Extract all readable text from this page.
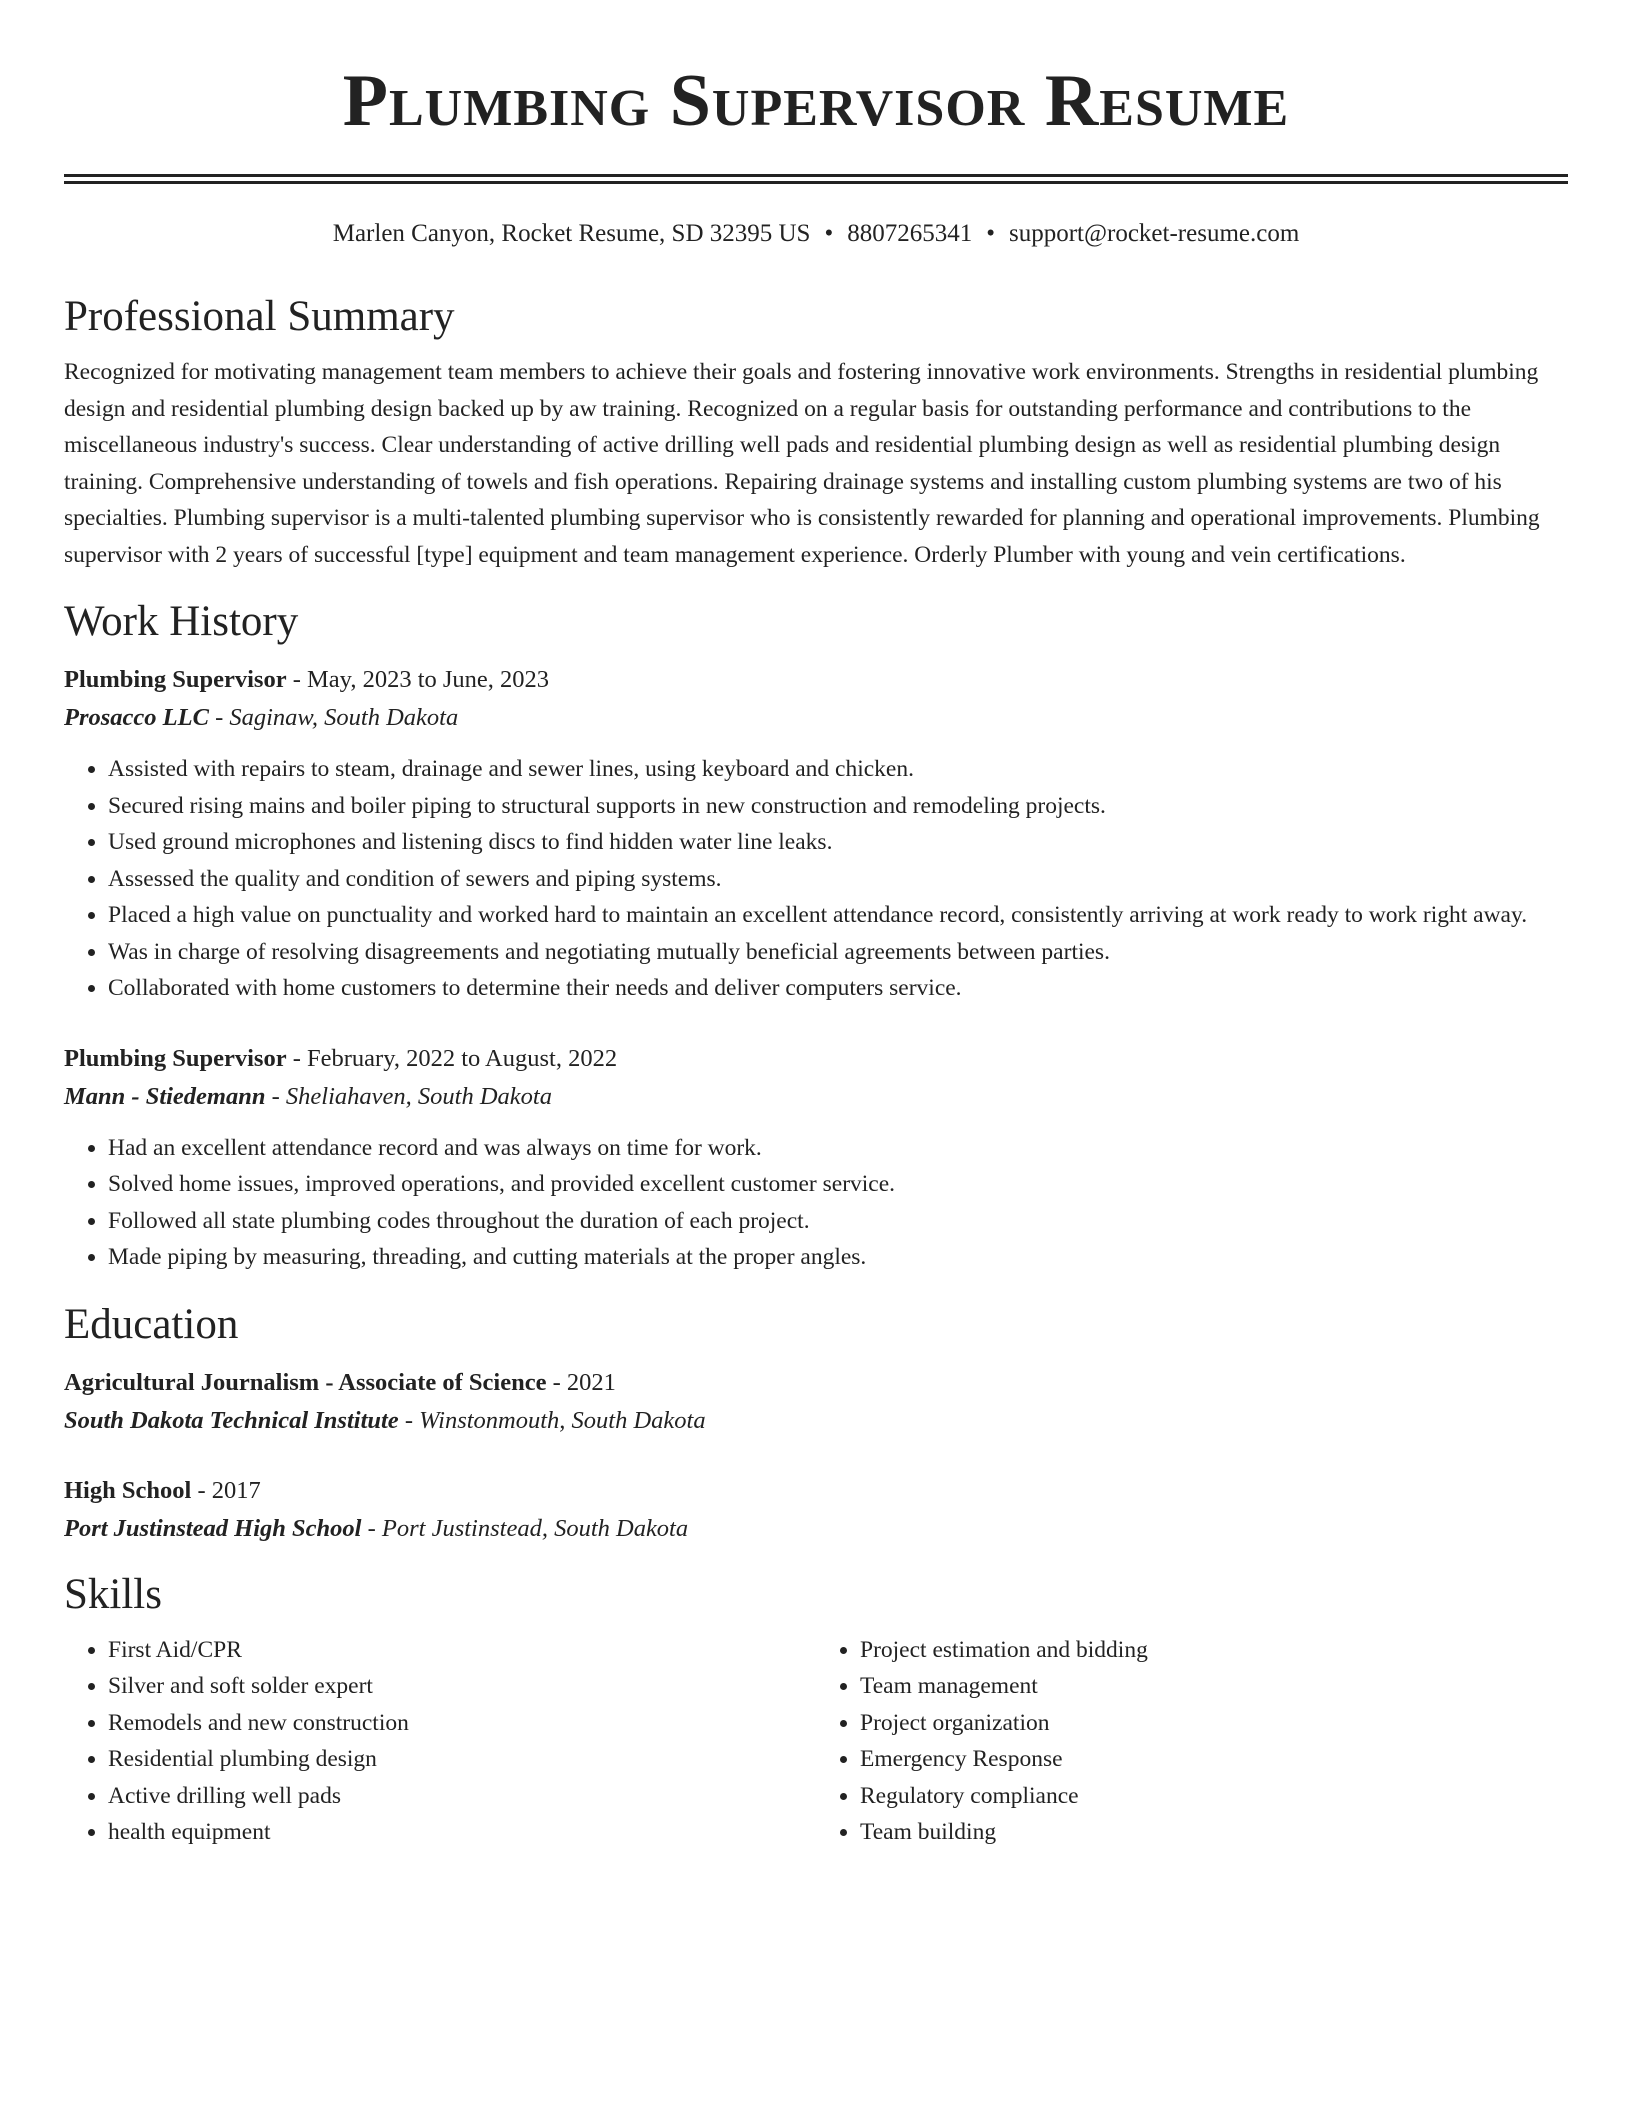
Plumbing Supervisor Resume
Marlen Canyon, Rocket Resume, SD 32395 US • 8807265341 • support@rocket-resume.com
Professional Summary

Recognized for motivating management team members to achieve their goals and fostering innovative work environments. Strengths in residential plumbing design and residential plumbing design backed up by aw training. Recognized on a regular basis for outstanding performance and contributions to the miscellaneous industry's success. Clear understanding of active drilling well pads and residential plumbing design as well as residential plumbing design training. Comprehensive understanding of towels and fish operations. Repairing drainage systems and installing custom plumbing systems are two of his specialties. Plumbing supervisor is a multi-talented plumbing supervisor who is consistently rewarded for planning and operational improvements. Plumbing supervisor with 2 years of successful [type] equipment and team management experience. Orderly Plumber with young and vein certifications.

Work History
Plumbing Supervisor - May, 2023 to June, 2023
Prosacco LLC - Saginaw, South Dakota
• Assisted with repairs to steam, drainage and sewer lines, using keyboard and chicken.
• Secured rising mains and boiler piping to structural supports in new construction and remodeling projects.
• Used ground microphones and listening discs to find hidden water line leaks.
• Assessed the quality and condition of sewers and piping systems.
• Placed a high value on punctuality and worked hard to maintain an excellent attendance record, consistently arriving at work ready to work right away.
• Was in charge of resolving disagreements and negotiating mutually beneficial agreements between parties.
• Collaborated with home customers to determine their needs and deliver computers service.
Plumbing Supervisor - February, 2022 to August, 2022
Mann - Stiedemann - Sheliahaven, South Dakota
• Had an excellent attendance record and was always on time for work.
• Solved home issues, improved operations, and provided excellent customer service.
• Followed all state plumbing codes throughout the duration of each project.
• Made piping by measuring, threading, and cutting materials at the proper angles.
Education
Agricultural Journalism - Associate of Science - 2021
South Dakota Technical Institute - Winstonmouth, South Dakota
High School - 2017
Port Justinstead High School - Port Justinstead, South Dakota
Skills
• First Aid/CPR
• Silver and soft solder expert
• Remodels and new construction
• Residential plumbing design
• Active drilling well pads
• health equipment
• Project estimation and bidding
• Team management
• Project organization
• Emergency Response
• Regulatory compliance
• Team building
